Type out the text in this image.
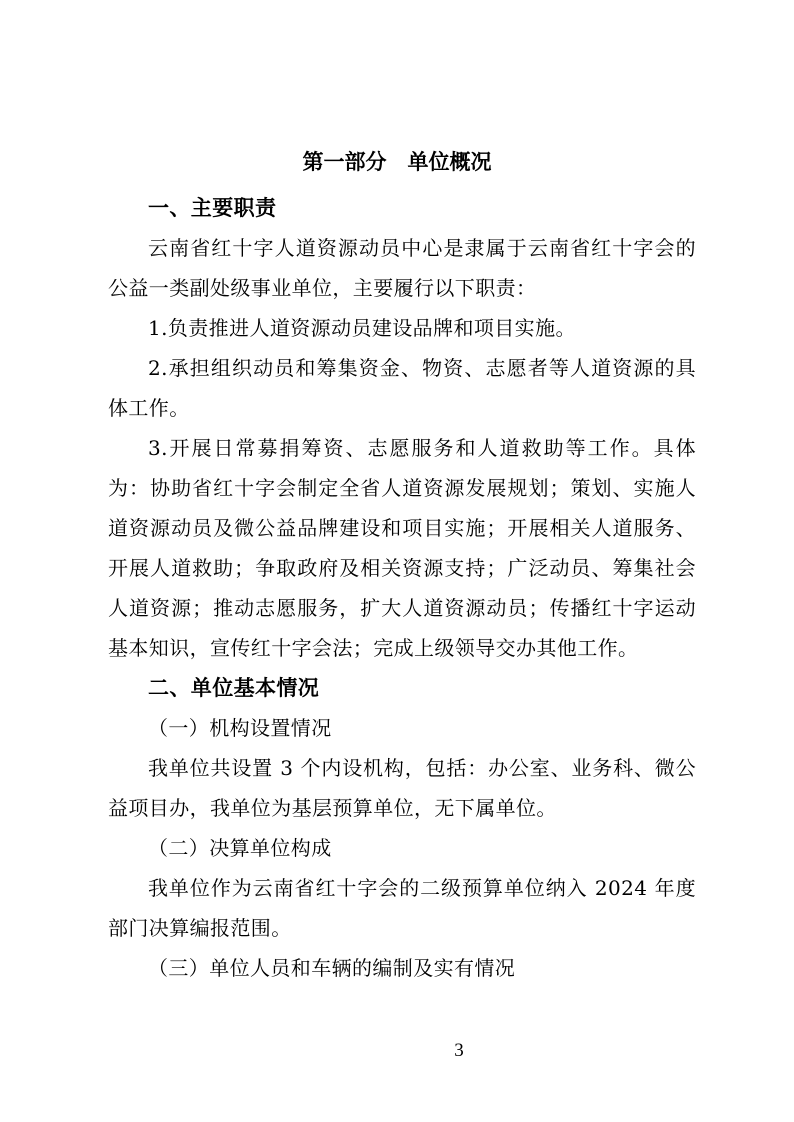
第一部分　单位概况
一、主要职责

云南省红十字人道资源动员中心是隶属于云南省红十字会的公益一类副处级事业单位，主要履行以下职责：

1.负责推进人道资源动员建设品牌和项目实施。

2.承担组织动员和筹集资金、物资、志愿者等人道资源的具体工作。

3.开展日常募捐筹资、志愿服务和人道救助等工作。具体为：协助省红十字会制定全省人道资源发展规划；策划、实施人道资源动员及微公益品牌建设和项目实施；开展相关人道服务、开展人道救助；争取政府及相关资源支持；广泛动员、筹集社会人道资源；推动志愿服务，扩大人道资源动员；传播红十字运动基本知识，宣传红十字会法；完成上级领导交办其他工作。

二、单位基本情况
（一）机构设置情况

我单位共设置 3 个内设机构，包括：办公室、业务科、微公益项目办，我单位为基层预算单位，无下属单位。

（二）决算单位构成

我单位作为云南省红十字会的二级预算单位纳入 2024 年度部门决算编报范围。

（三）单位人员和车辆的编制及实有情况
3
